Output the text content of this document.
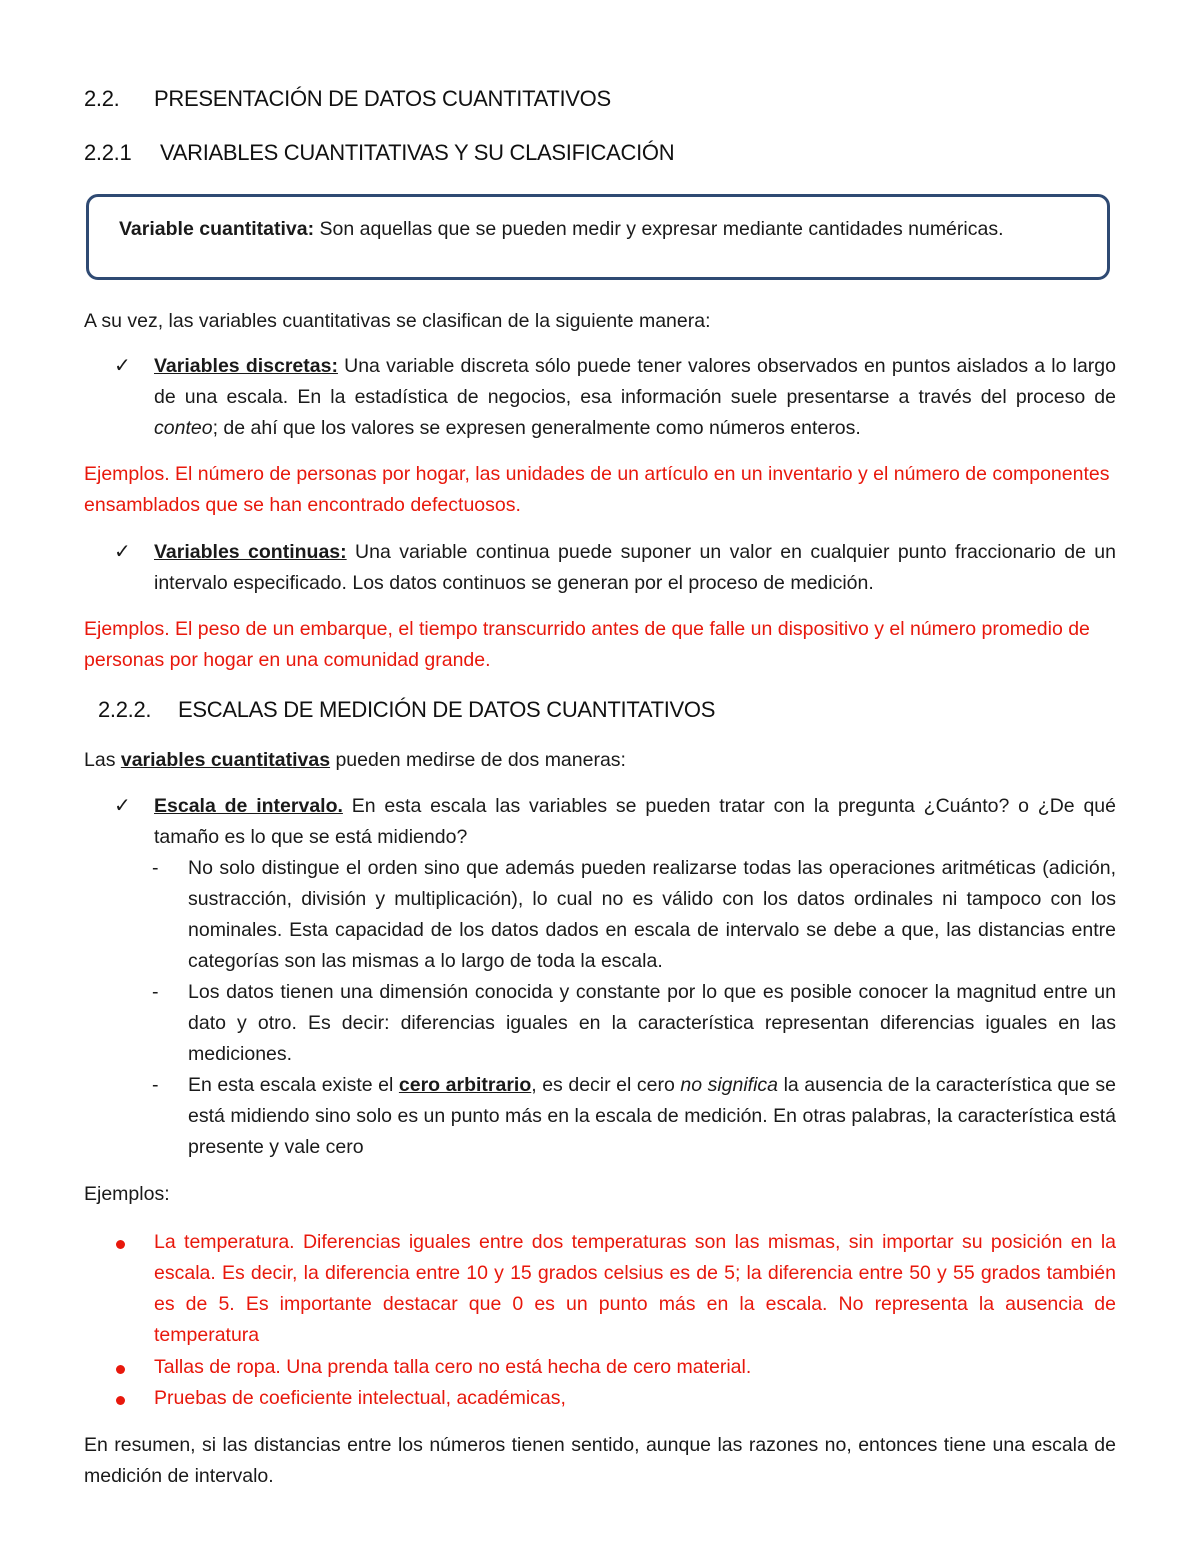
2.2. PRESENTACIÓN DE DATOS CUANTITATIVOS
2.2.1 VARIABLES CUANTITATIVAS Y SU CLASIFICACIÓN

Variable cuantitativa: Son aquellas que se pueden medir y expresar mediante cantidades numéricas.

A su vez, las variables cuantitativas se clasifican de la siguiente manera:

✓ Variables discretas: Una variable discreta sólo puede tener valores observados en puntos aislados a lo largo de una escala. En la estadística de negocios, esa información suele presentarse a través del proceso de conteo; de ahí que los valores se expresen generalmente como números enteros.

Ejemplos. El número de personas por hogar, las unidades de un artículo en un inventario y el número de componentes ensamblados que se han encontrado defectuosos.

✓ Variables continuas: Una variable continua puede suponer un valor en cualquier punto fraccionario de un intervalo especificado. Los datos continuos se generan por el proceso de medición.

Ejemplos. El peso de un embarque, el tiempo transcurrido antes de que falle un dispositivo y el número promedio de personas por hogar en una comunidad grande.

2.2.2. ESCALAS DE MEDICIÓN DE DATOS CUANTITATIVOS

Las variables cuantitativas pueden medirse de dos maneras:

✓ Escala de intervalo. En esta escala las variables se pueden tratar con la pregunta ¿Cuánto? o ¿De qué tamaño es lo que se está midiendo?

- No solo distingue el orden sino que además pueden realizarse todas las operaciones aritméticas (adición, sustracción, división y multiplicación), lo cual no es válido con los datos ordinales ni tampoco con los nominales. Esta capacidad de los datos dados en escala de intervalo se debe a que, las distancias entre categorías son las mismas a lo largo de toda la escala.

- Los datos tienen una dimensión conocida y constante por lo que es posible conocer la magnitud entre un dato y otro. Es decir: diferencias iguales en la característica representan diferencias iguales en las mediciones.

- En esta escala existe el cero arbitrario, es decir el cero no significa la ausencia de la característica que se está midiendo sino solo es un punto más en la escala de medición. En otras palabras, la característica está presente y vale cero

Ejemplos:

La temperatura. Diferencias iguales entre dos temperaturas son las mismas, sin importar su posición en la escala. Es decir, la diferencia entre 10 y 15 grados celsius es de 5; la diferencia entre 50 y 55 grados también es de 5. Es importante destacar que 0 es un punto más en la escala. No representa la ausencia de temperatura

Tallas de ropa. Una prenda talla cero no está hecha de cero material.

Pruebas de coeficiente intelectual, académicas,

En resumen, si las distancias entre los números tienen sentido, aunque las razones no, entonces tiene una escala de medición de intervalo.
